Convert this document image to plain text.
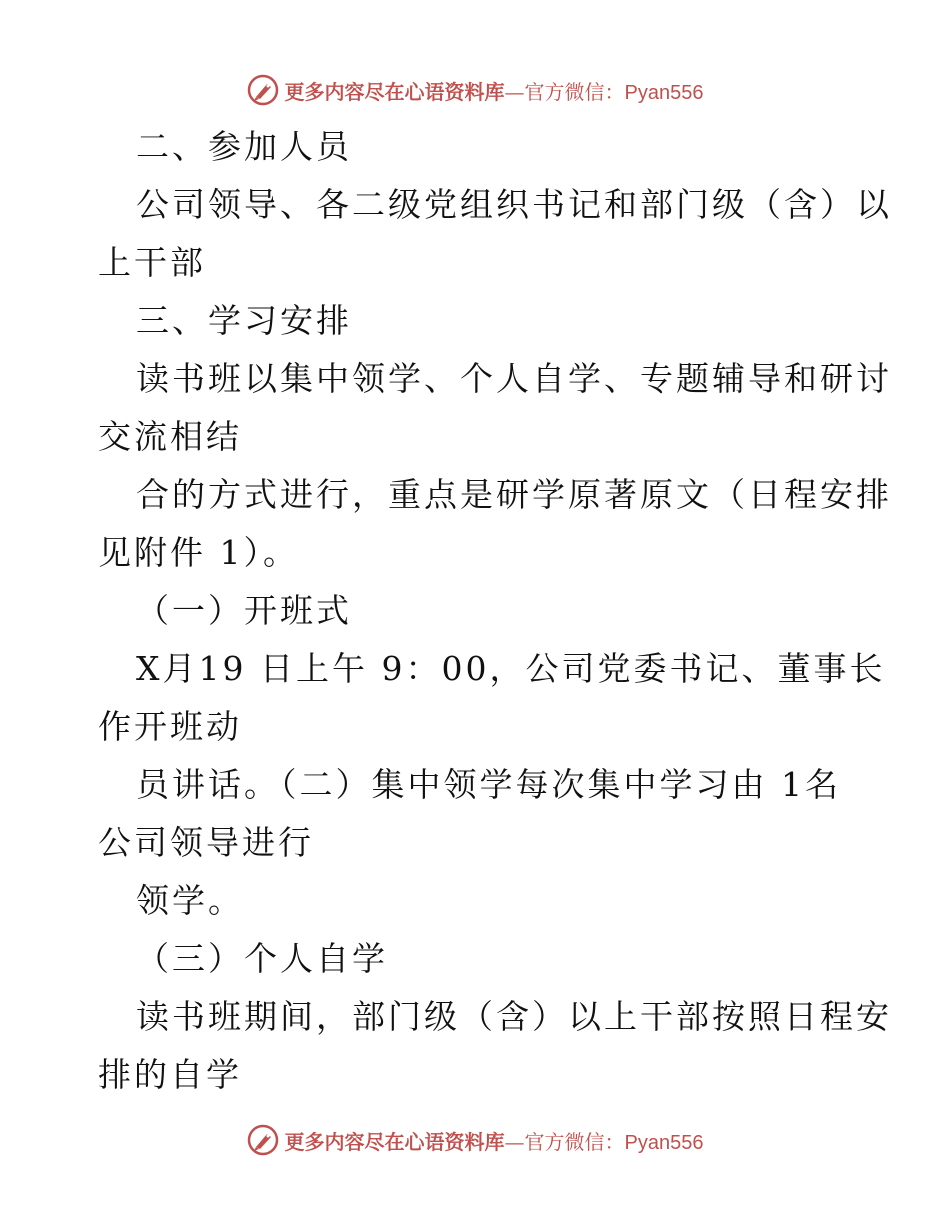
更多内容尽在心语资料库—官方微信：Pyan556
二、参加人员
公司领导、各二级党组织书记和部门级（含）以
上干部
三、学习安排
读书班以集中领学、个人自学、专题辅导和研讨
交流相结
合的方式进行，重点是研学原著原文（日程安排
见附件 1）。
（一）开班式
X月19 日上午 9：00，公司党委书记、董事长
作开班动
员讲话。（二）集中领学每次集中学习由 1名
公司领导进行
领学。
（三）个人自学
读书班期间，部门级（含）以上干部按照日程安
排的自学
更多内容尽在心语资料库—官方微信：Pyan556
